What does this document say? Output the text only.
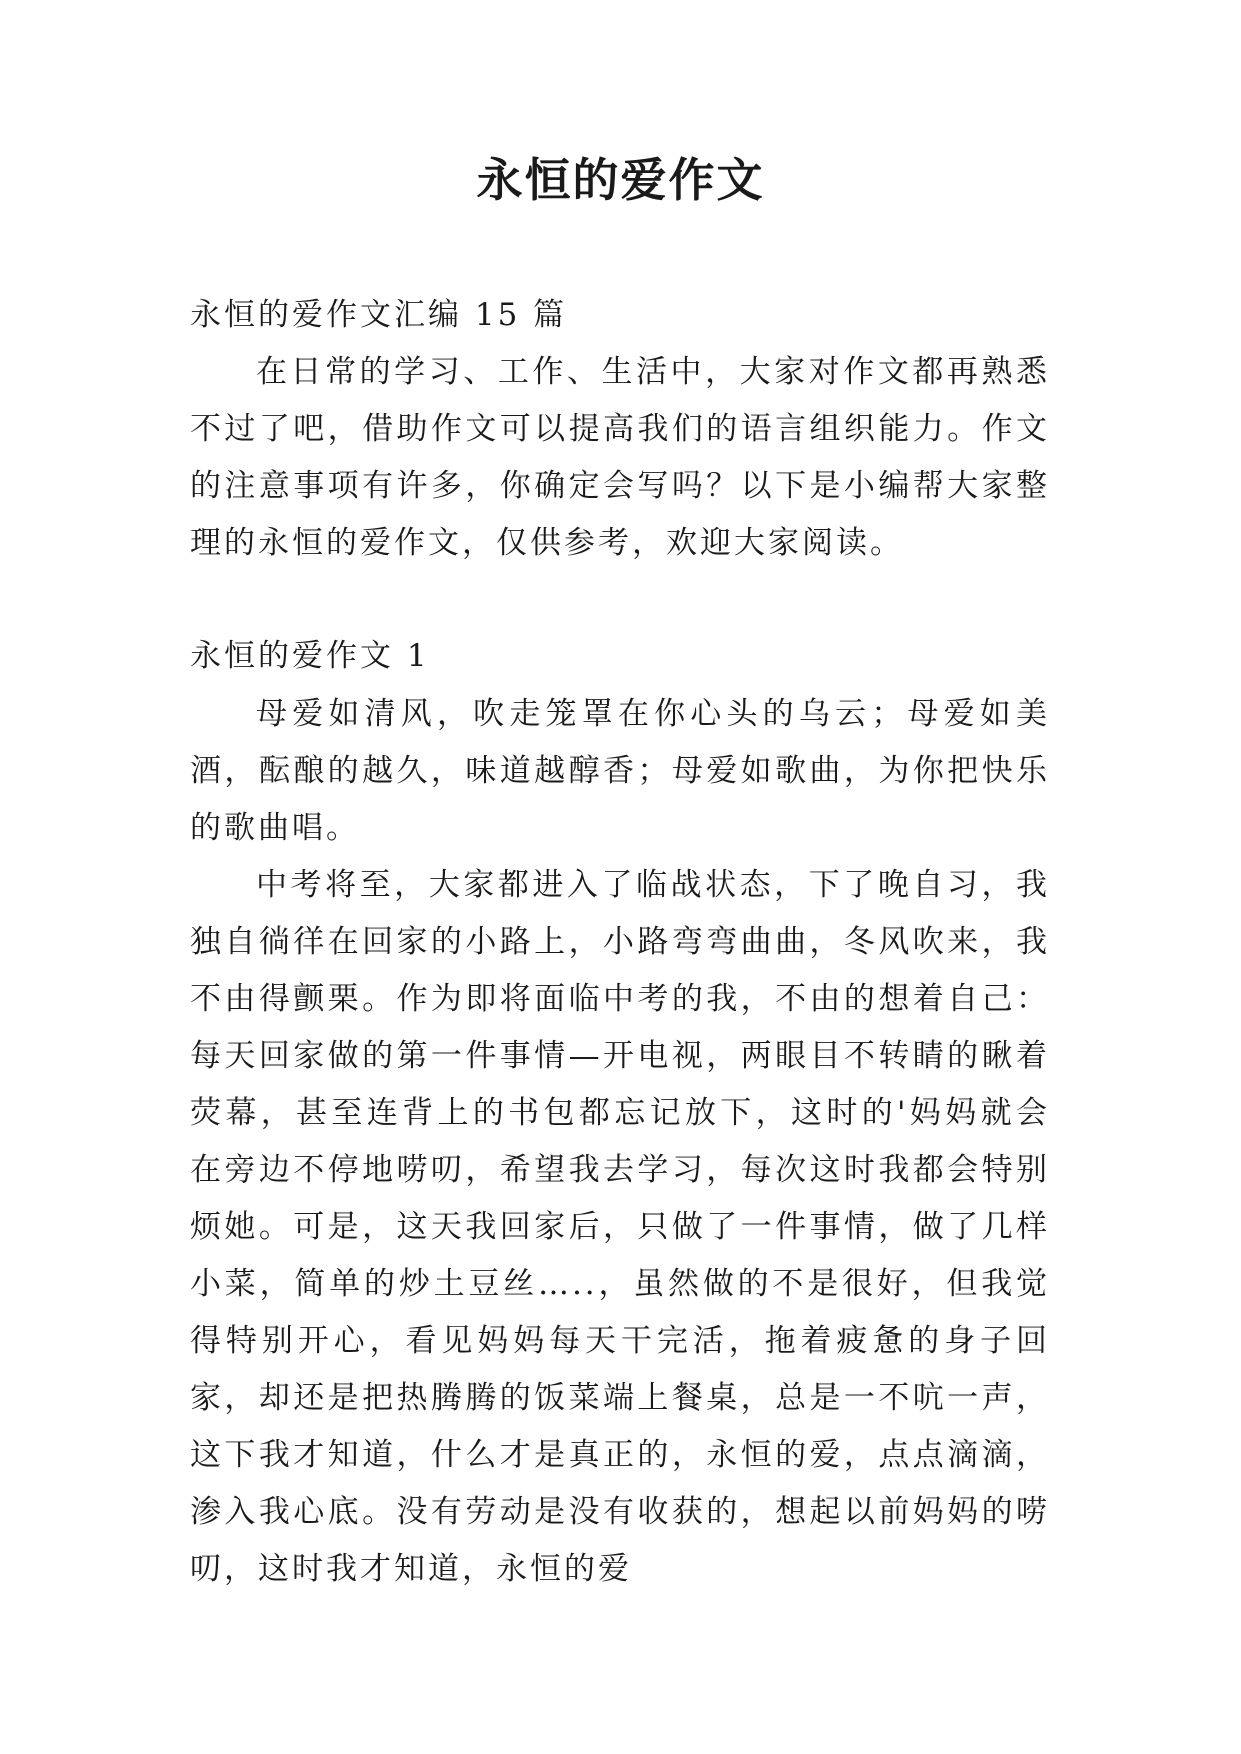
永恒的爱作文
永恒的爱作文汇编 15 篇

在日常的学习、工作、生活中，大家对作文都再熟悉不过了吧，借助作文可以提高我们的语言组织能力。作文的注意事项有许多，你确定会写吗？以下是小编帮大家整理的永恒的爱作文，仅供参考，欢迎大家阅读。

永恒的爱作文 1

母爱如清风，吹走笼罩在你心头的乌云；母爱如美酒，酝酿的越久，味道越醇香；母爱如歌曲，为你把快乐的歌曲唱。

中考将至，大家都进入了临战状态，下了晚自习，我独自徜徉在回家的小路上，小路弯弯曲曲，冬风吹来，我不由得颤栗。作为即将面临中考的我，不由的想着自己：每天回家做的第一件事情—开电视，两眼目不转睛的瞅着荧幕，甚至连背上的书包都忘记放下，这时的'妈妈就会在旁边不停地唠叨，希望我去学习，每次这时我都会特别烦她。可是，这天我回家后，只做了一件事情，做了几样小菜，简单的炒土豆丝…..，虽然做的不是很好，但我觉得特别开心，看见妈妈每天干完活，拖着疲惫的身子回家，却还是把热腾腾的饭菜端上餐桌，总是一不吭一声，这下我才知道，什么才是真正的，永恒的爱，点点滴滴，渗入我心底。没有劳动是没有收获的，想起以前妈妈的唠叨，这时我才知道，永恒的爱
